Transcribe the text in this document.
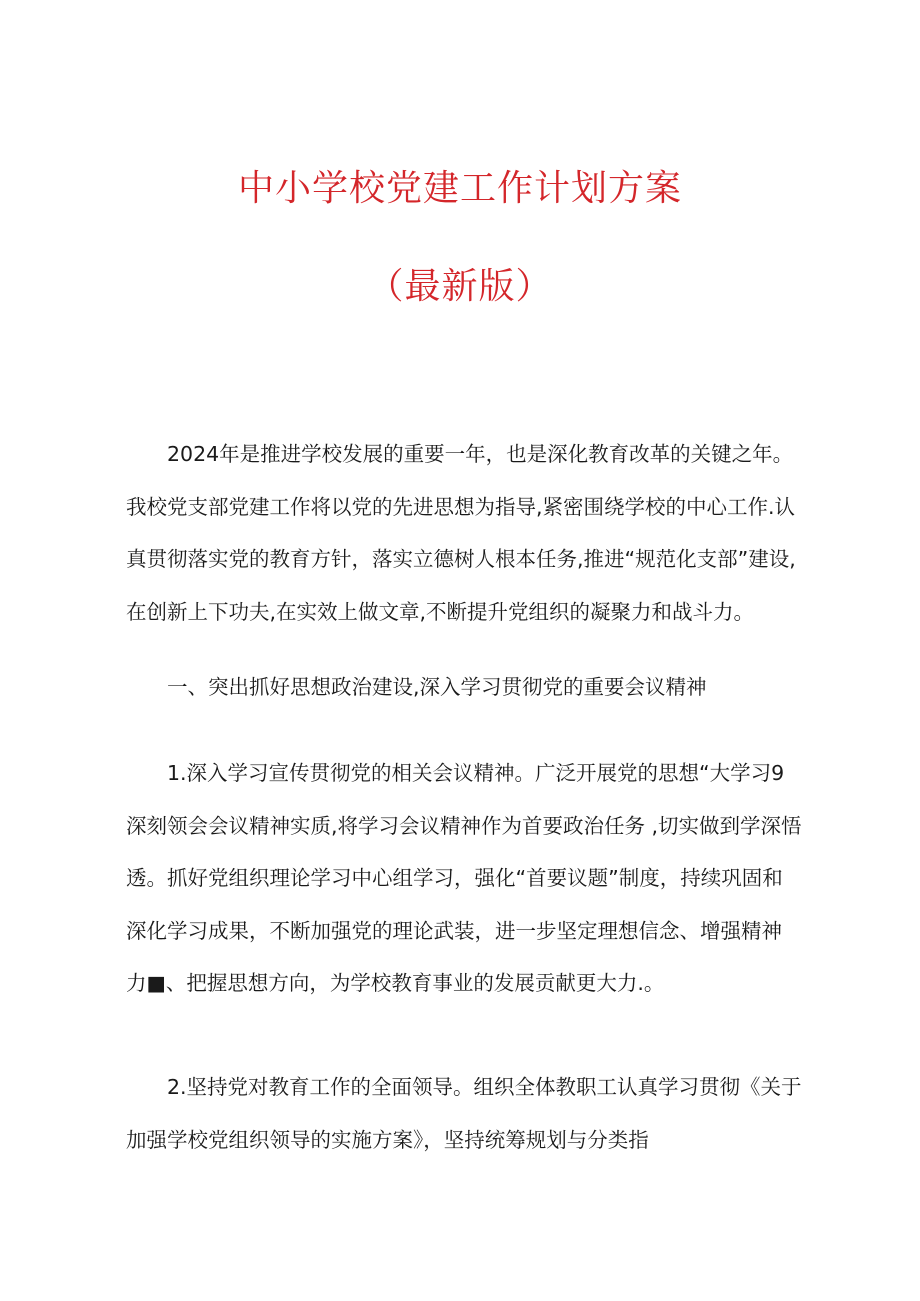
中小学校党建工作计划方案
（最新版）

2024年是推进学校发展的重要一年，也是深化教育改革的关键之年。我校党支部党建工作将以党的先进思想为指导,紧密围绕学校的中心工作.认真贯彻落实党的教育方针，落实立德树人根本任务,推进“规范化支部”建设,在创新上下功夫,在实效上做文章,不断提升党组织的凝聚力和战斗力。

一、突出抓好思想政治建设,深入学习贯彻党的重要会议精神

1.深入学习宣传贯彻党的相关会议精神。广泛开展党的思想“大学习9深刻领会会议精神实质,将学习会议精神作为首要政治任务 ,切实做到学深悟透。抓好党组织理论学习中心组学习，强化“首要议题”制度，持续巩固和深化学习成果，不断加强党的理论武装，进一步坚定理想信念、增强精神力■、把握思想方向，为学校教育事业的发展贡献更大力.。

2.坚持党对教育工作的全面领导。组织全体教职工认真学习贯彻《关于加强学校党组织领导的实施方案》，坚持统筹规划与分类指
